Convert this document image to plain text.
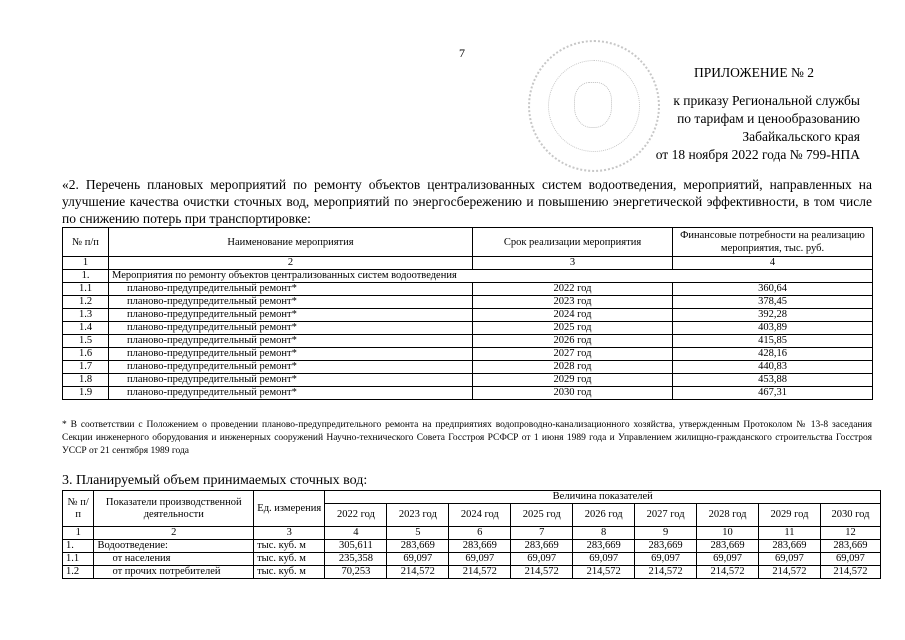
7
ПРИЛОЖЕНИЕ № 2
к приказу Региональной службы
по тарифам и ценообразованию
Забайкальского края
от 18 ноября 2022 года № 799-НПА
«2. Перечень плановых мероприятий по ремонту объектов централизованных систем водоотведения, мероприятий, направленных на улучшение качества очистки сточных вод, мероприятий по энергосбережению и повышению энергетической эффективности, в том числе по снижению потерь при транспортировке:
№ п/п	Наименование мероприятия	Срок реализации мероприятия	Финансовые потребности на реализацию мероприятия, тыс. руб.
1	2	3	4
1.	Мероприятия по ремонту объектов централизованных систем водоотведения		
1.1	планово-предупредительный ремонт*	2022 год	360,64
1.2	планово-предупредительный ремонт*	2023 год	378,45
1.3	планово-предупредительный ремонт*	2024 год	392,28
1.4	планово-предупредительный ремонт*	2025 год	403,89
1.5	планово-предупредительный ремонт*	2026 год	415,85
1.6	планово-предупредительный ремонт*	2027 год	428,16
1.7	планово-предупредительный ремонт*	2028 год	440,83
1.8	планово-предупредительный ремонт*	2029 год	453,88
1.9	планово-предупредительный ремонт*	2030 год	467,31
* В соответствии с Положением о проведении планово-предупредительного ремонта на предприятиях водопроводно-канализационного хозяйства, утвержденным Протоколом № 13-8 заседания Секции инженерного оборудования и инженерных сооружений Научно-технического Совета Госстроя РСФСР от 1 июня 1989 года и Управлением жилищно-гражданского строительства Госстроя УССР от 21 сентября 1989 года
3. Планируемый объем принимаемых сточных вод:
№ п/п	Показатели производственной деятельности	Ед. измерения	Величина показателей								
			2022 год	2023 год	2024 год	2025 год	2026 год	2027 год	2028 год	2029 год	2030 год
1	2	3	4	5	6	7	8	9	10	11	12
1.	Водоотведение:	тыс. куб. м	305,611	283,669	283,669	283,669	283,669	283,669	283,669	283,669	283,669
1.1	от населения	тыс. куб. м	235,358	69,097	69,097	69,097	69,097	69,097	69,097	69,097	69,097
1.2	от прочих потребителей	тыс. куб. м	70,253	214,572	214,572	214,572	214,572	214,572	214,572	214,572	214,572
